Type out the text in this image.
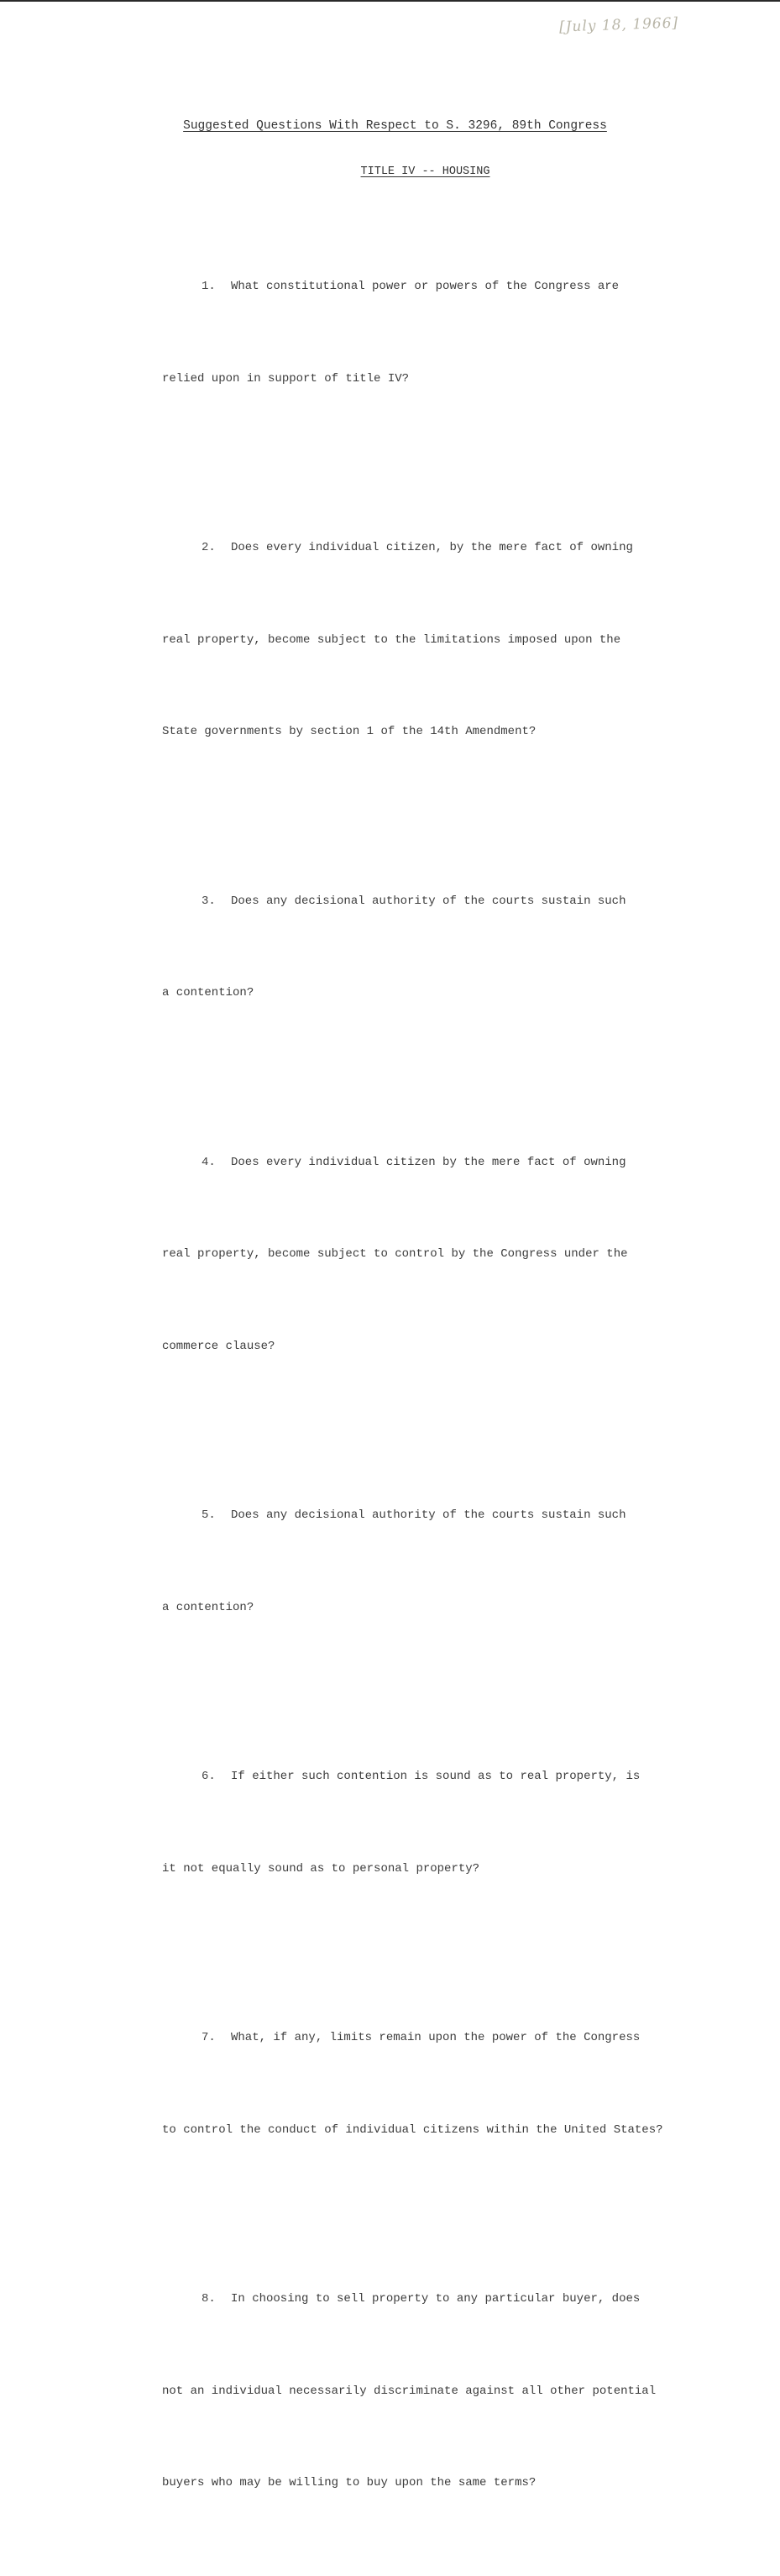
[July 18, 1966]
Suggested Questions With Respect to S. 3296, 89th Congress
TITLE IV -- HOUSING

1. What constitutional power or powers of the Congress are

relied upon in support of title IV?

2. Does every individual citizen, by the mere fact of owning

real property, become subject to the limitations imposed upon the

State governments by section 1 of the 14th Amendment?

3. Does any decisional authority of the courts sustain such

a contention?

4. Does every individual citizen by the mere fact of owning

real property, become subject to control by the Congress under the

commerce clause?

5. Does any decisional authority of the courts sustain such

a contention?

6. If either such contention is sound as to real property, is

it not equally sound as to personal property?

7. What, if any, limits remain upon the power of the Congress

to control the conduct of individual citizens within the United States?

8. In choosing to sell property to any particular buyer, does

not an individual necessarily discriminate against all other potential

buyers who may be willing to buy upon the same terms?
